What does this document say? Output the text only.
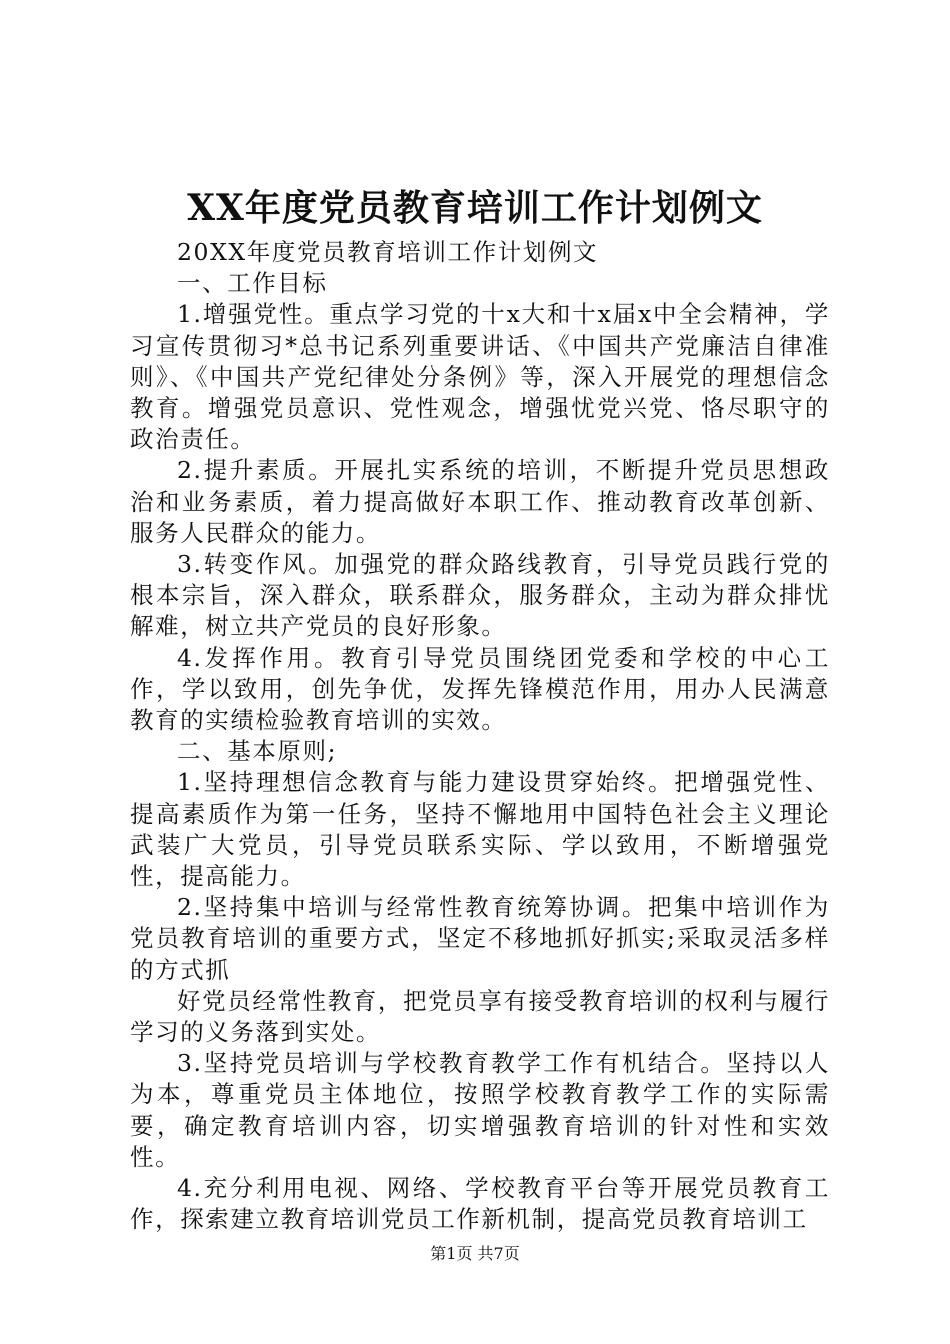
XX年度党员教育培训工作计划例文

20XX年度党员教育培训工作计划例文

一、工作目标

1.增强党性。重点学习党的十x大和十x届x中全会精神，学习宣传贯彻习*总书记系列重要讲话、《中国共产党廉洁自律准则》、《中国共产党纪律处分条例》等，深入开展党的理想信念教育。增强党员意识、党性观念，增强忧党兴党、恪尽职守的政治责任。

2.提升素质。开展扎实系统的培训，不断提升党员思想政治和业务素质，着力提高做好本职工作、推动教育改革创新、服务人民群众的能力。

3.转变作风。加强党的群众路线教育，引导党员践行党的根本宗旨，深入群众，联系群众，服务群众，主动为群众排忧解难，树立共产党员的良好形象。

4.发挥作用。教育引导党员围绕团党委和学校的中心工作，学以致用，创先争优，发挥先锋模范作用，用办人民满意教育的实绩检验教育培训的实效。

二、基本原则;

1.坚持理想信念教育与能力建设贯穿始终。把增强党性、提高素质作为第一任务，坚持不懈地用中国特色社会主义理论武装广大党员，引导党员联系实际、学以致用，不断增强党性，提高能力。

2.坚持集中培训与经常性教育统筹协调。把集中培训作为党员教育培训的重要方式，坚定不移地抓好抓实;采取灵活多样的方式抓

好党员经常性教育，把党员享有接受教育培训的权利与履行学习的义务落到实处。

3.坚持党员培训与学校教育教学工作有机结合。坚持以人为本，尊重党员主体地位，按照学校教育教学工作的实际需要，确定教育培训内容，切实增强教育培训的针对性和实效性。

4.充分利用电视、网络、学校教育平台等开展党员教育工作，探索建立教育培训党员工作新机制，提高党员教育培训工

第1页 共7页
